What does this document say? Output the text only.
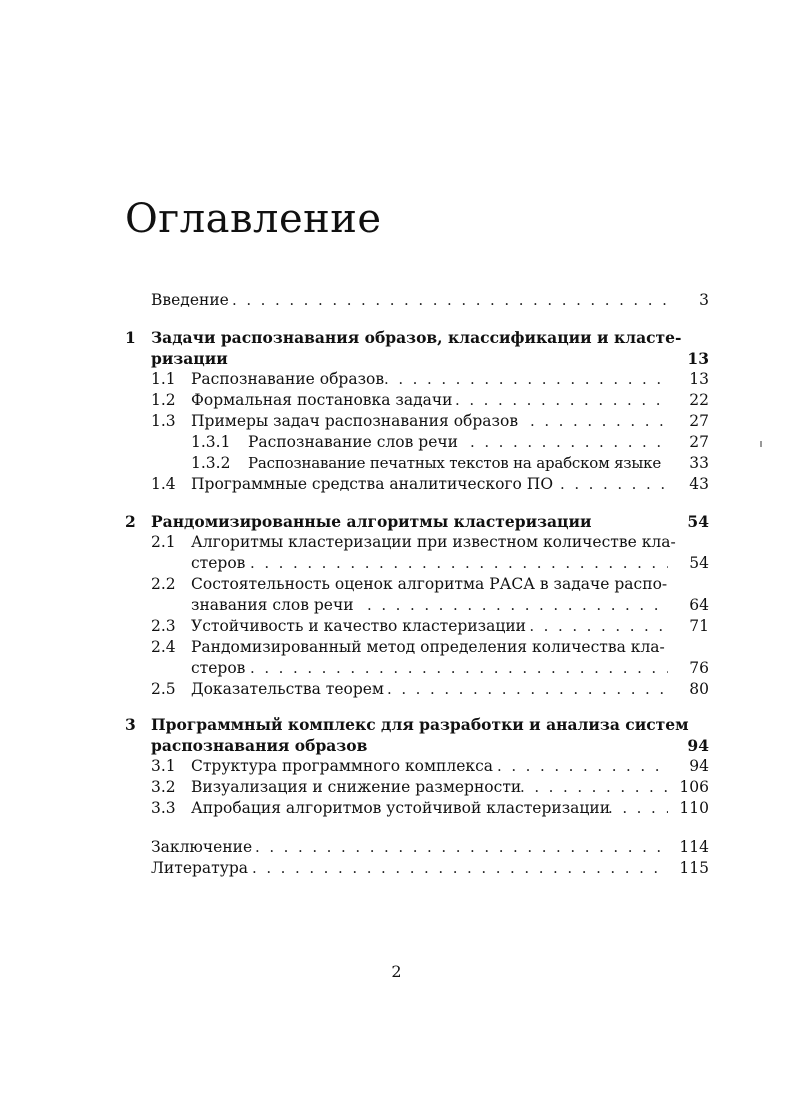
Оглавление
Введение . . .	3
1 Задачи распознавания образов, классификации и класте-
ризации	13
1.1 Распознавание образов . . .	13
1.2 Формальная постановка задачи . . .	22
1.3 Примеры задач распознавания образов . . .	27
1.3.1 Распознавание слов речи . . .	27
1.3.2 Распознавание печатных текстов на арабском языке	33
1.4 Программные средства аналитического ПО . . .	43
2 Рандомизированные алгоритмы кластеризации	54
2.1 Алгоритмы кластеризации при известном количестве кла-
стеров . . .	54
2.2 Состоятельность оценок алгоритма РАСА в задаче распо-
знавания слов речи . . .	64
2.3 Устойчивость и качество кластеризации . . .	71
2.4 Рандомизированный метод определения количества кла-
стеров . . .	76
2.5 Доказательства теорем . . .	80
3 Программный комплекс для разработки и анализа систем
распознавания образов	94
3.1 Структура программного комплекса . . .	94
3.2 Визуализация и снижение размерности . . .	106
3.3 Апробация алгоритмов устойчивой кластеризации . . .	110
Заключение . . .	114
Литература . . .	115
2
